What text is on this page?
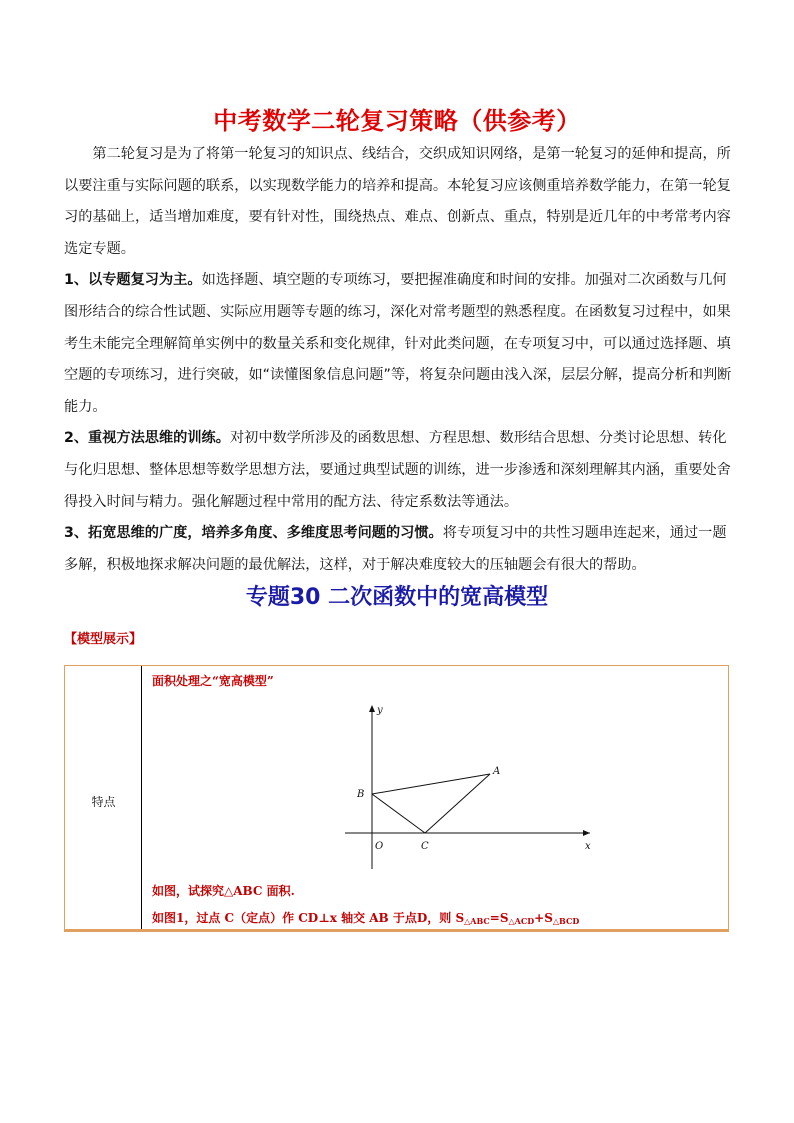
中考数学二轮复习策略（供参考）

第二轮复习是为了将第一轮复习的知识点、线结合，交织成知识网络，是第一轮复习的延伸和提高，所以要注重与实际问题的联系，以实现数学能力的培养和提高。本轮复习应该侧重培养数学能力，在第一轮复习的基础上，适当增加难度，要有针对性，围绕热点、难点、创新点、重点，特别是近几年的中考常考内容选定专题。

1、以专题复习为主。如选择题、填空题的专项练习，要把握准确度和时间的安排。加强对二次函数与几何图形结合的综合性试题、实际应用题等专题的练习，深化对常考题型的熟悉程度。在函数复习过程中，如果考生未能完全理解简单实例中的数量关系和变化规律，针对此类问题，在专项复习中，可以通过选择题、填空题的专项练习，进行突破，如“读懂图象信息问题”等，将复杂问题由浅入深，层层分解，提高分析和判断能力。

2、重视方法思维的训练。对初中数学所涉及的函数思想、方程思想、数形结合思想、分类讨论思想、转化与化归思想、整体思想等数学思想方法，要通过典型试题的训练，进一步渗透和深刻理解其内涵，重要处舍得投入时间与精力。强化解题过程中常用的配方法、待定系数法等通法。

3、拓宽思维的广度，培养多角度、多维度思考问题的习惯。将专项复习中的共性习题串连起来，通过一题多解，积极地探求解决问题的最优解法，这样，对于解决难度较大的压轴题会有很大的帮助。

专题30 二次函数中的宽高模型
【模型展示】
特点
面积处理之“宽高模型”
y
x
O	C
B
A
如图，试探究△ABC 面积.
如图1，过点 C（定点）作 CD⊥x 轴交 AB 于点D，则 $S_{\triangle ABC}=S_{\triangle ACD}+S_{\triangle BCD}$
